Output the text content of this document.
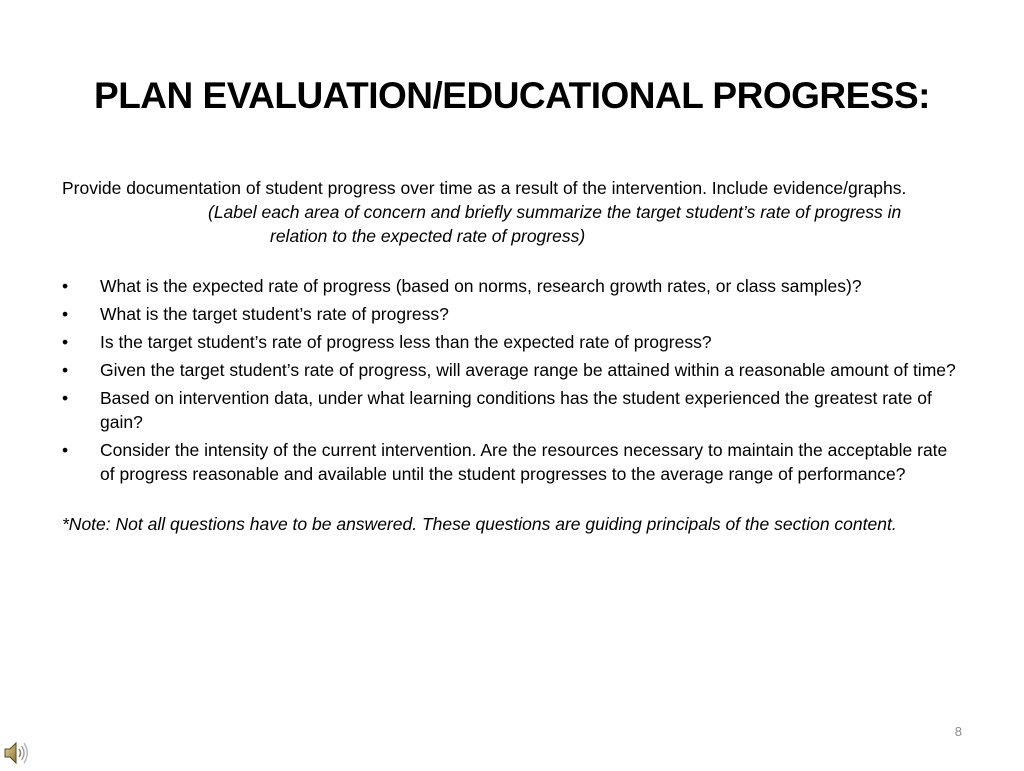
PLAN EVALUATION/EDUCATIONAL PROGRESS:

Provide documentation of student progress over time as a result of the intervention. Include evidence/graphs.

(Label each area of concern and briefly summarize the target student’s rate of progress in relation to the expected rate of progress)

• What is the expected rate of progress (based on norms, research growth rates, or class samples)?
• What is the target student’s rate of progress?
• Is the target student’s rate of progress less than the expected rate of progress?
• Given the target student’s rate of progress, will average range be attained within a reasonable amount of time?
• Based on intervention data, under what learning conditions has the student experienced the greatest rate of gain?
• Consider the intensity of the current intervention. Are the resources necessary to maintain the acceptable rate of progress reasonable and available until the student progresses to the average range of performance?

*Note: Not all questions have to be answered. These questions are guiding principals of the section content.

8
